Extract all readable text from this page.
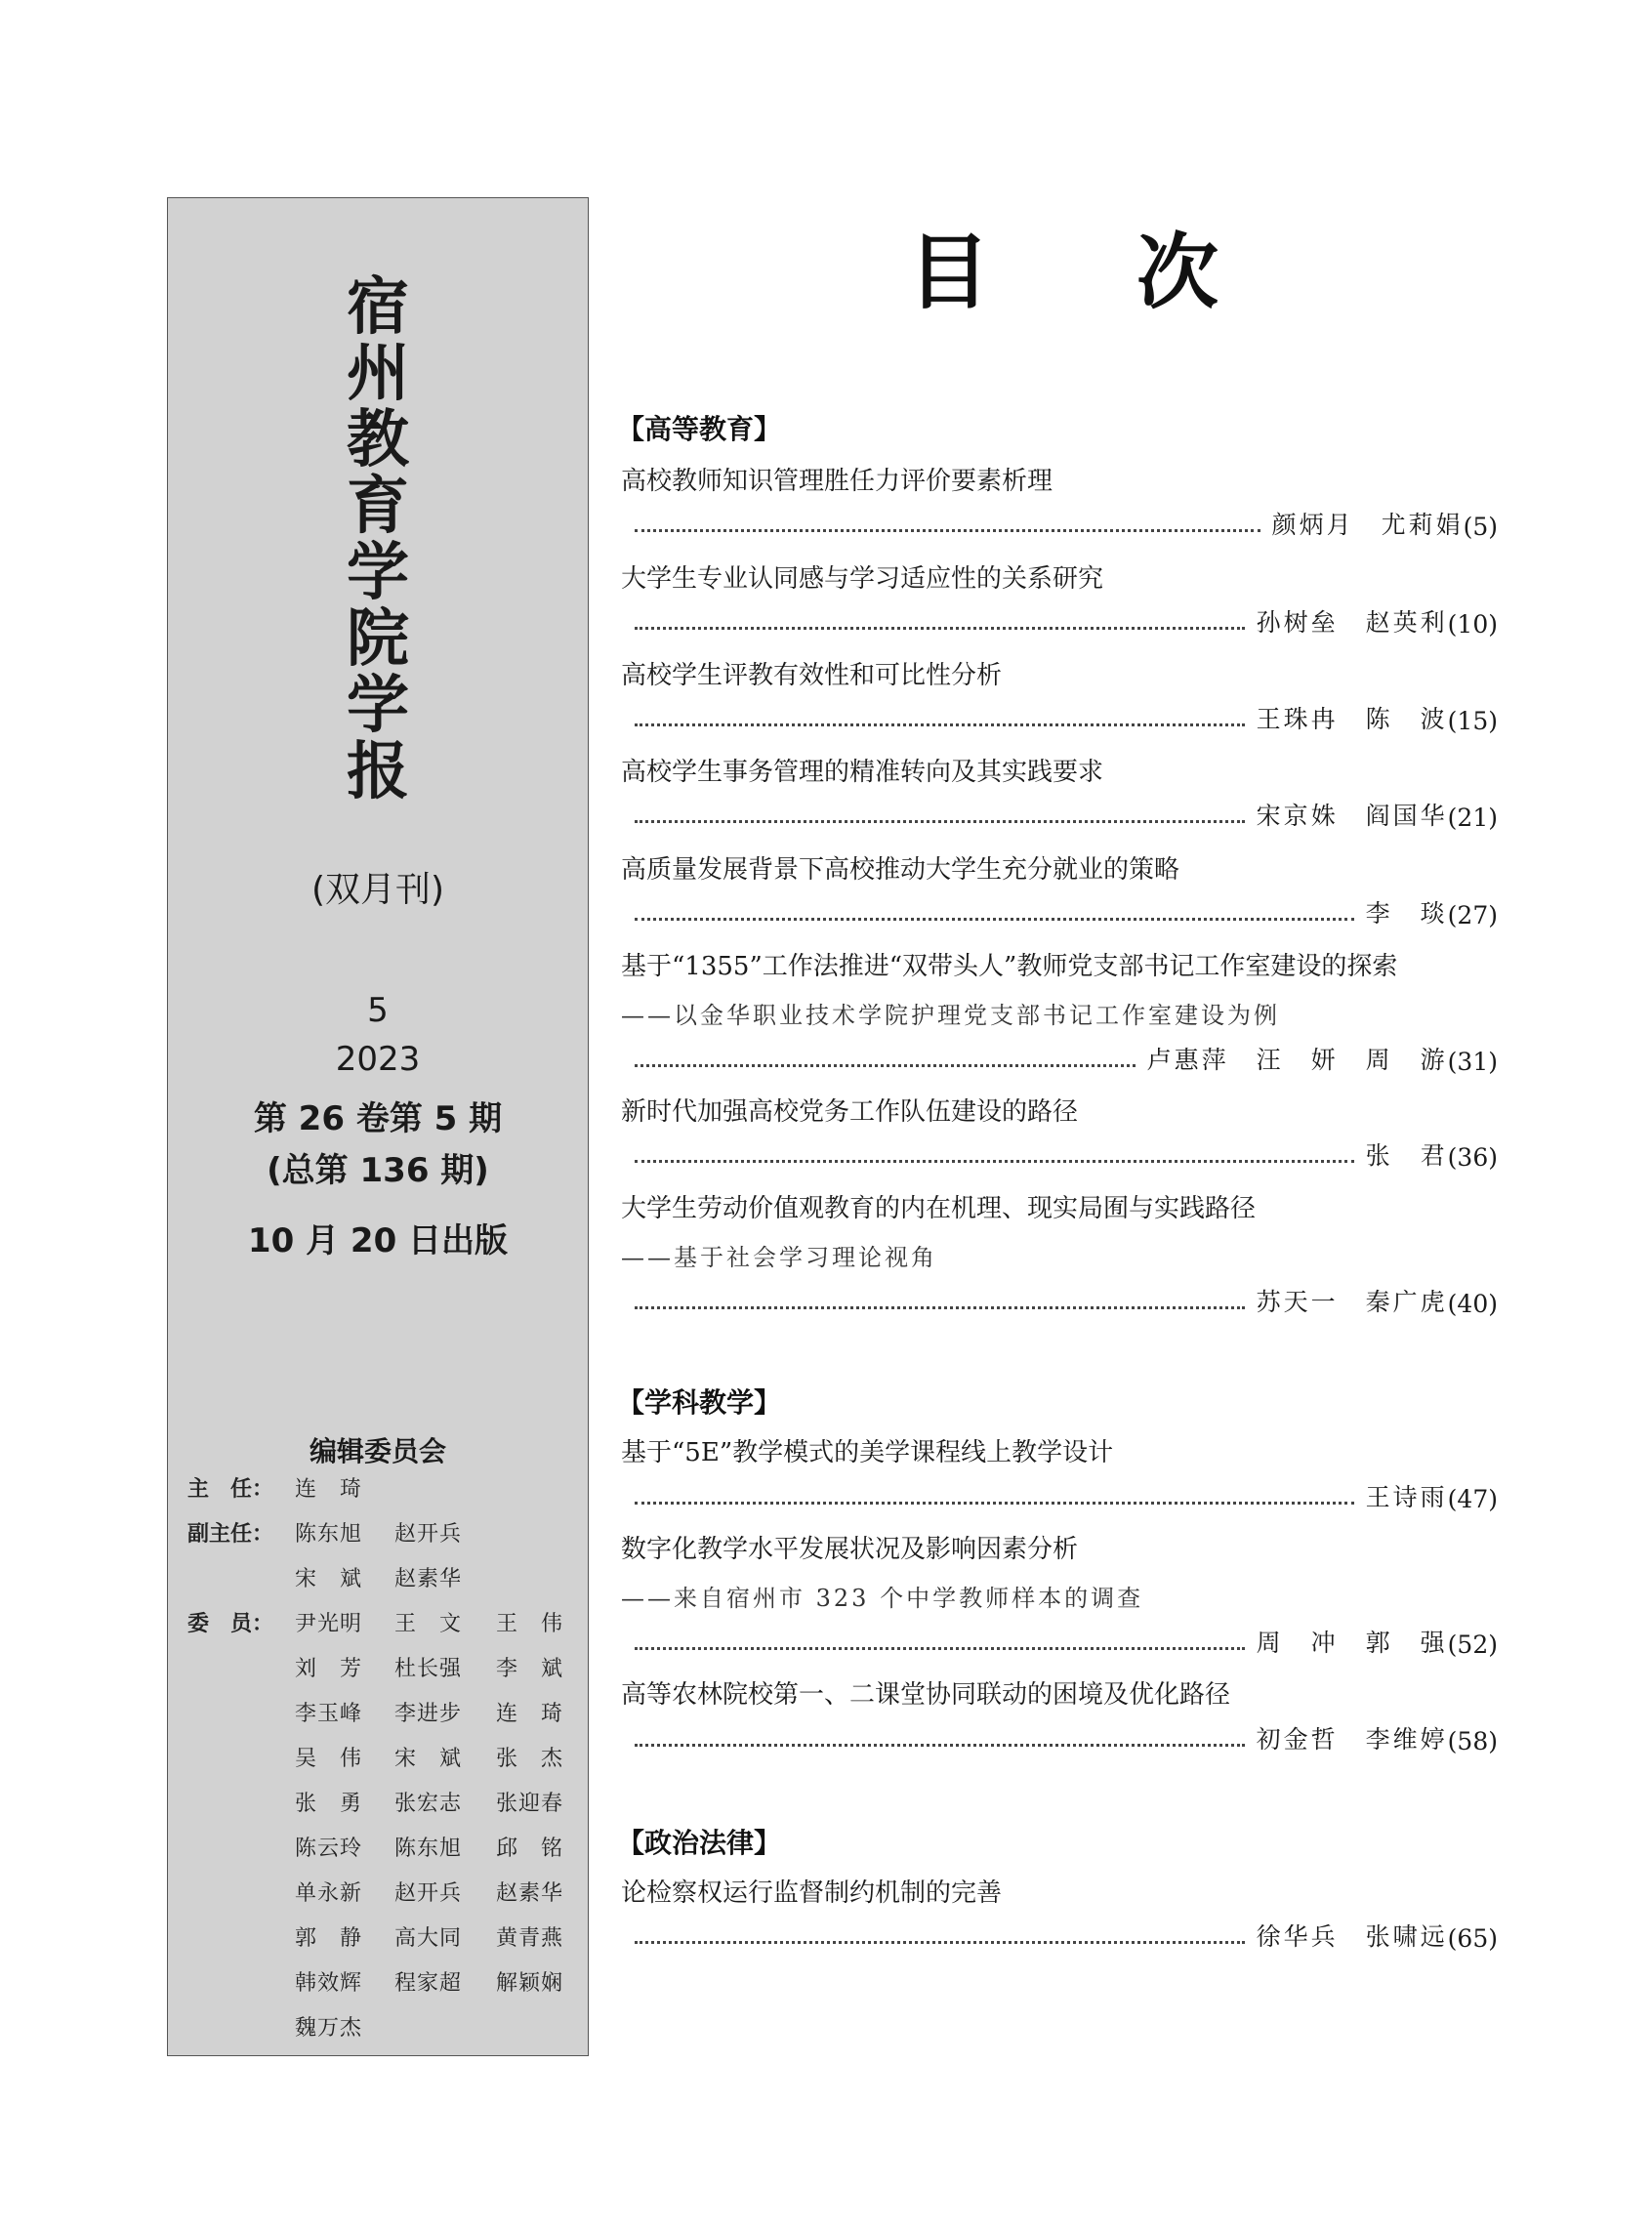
宿
州
教
育
学
院
学
报
(双月刊)
5
2023
第 26 卷第 5 期
(总第 136 期)
10 月 20 日出版
编辑委员会
主　任： 连　琦
副主任： 陈东旭	赵开兵
宋　斌	赵素华
委　员： 尹光明	王　文	王　伟
刘　芳	杜长强	李　斌
李玉峰	李进步	连　琦
吴　伟	宋　斌	张　杰
张　勇	张宏志	张迎春
陈云玲	陈东旭	邱　铭
单永新	赵开兵	赵素华
郭　静	高大同	黄青燕
韩效辉	程家超	解颖娴
魏万杰
目次
【高等教育】
高校教师知识管理胜任力评价要素析理
颜炳月　尤莉娟 (5)
大学生专业认同感与学习适应性的关系研究
孙树垒　赵英利 (10)
高校学生评教有效性和可比性分析
王珠冉　陈　波 (15)
高校学生事务管理的精准转向及其实践要求
宋京姝　阎国华 (21)
高质量发展背景下高校推动大学生充分就业的策略
李　琰 (27)
基于“1355”工作法推进“双带头人”教师党支部书记工作室建设的探索
——以金华职业技术学院护理党支部书记工作室建设为例
卢惠萍　汪　妍　周　游 (31)
新时代加强高校党务工作队伍建设的路径
张　君 (36)
大学生劳动价值观教育的内在机理、现实局囿与实践路径
——基于社会学习理论视角
苏天一　秦广虎 (40)
【学科教学】
基于“5E”教学模式的美学课程线上教学设计
王诗雨 (47)
数字化教学水平发展状况及影响因素分析
——来自宿州市 323 个中学教师样本的调查
周　冲　郭　强 (52)
高等农林院校第一、二课堂协同联动的困境及优化路径
初金哲　李维婷 (58)
【政治法律】
论检察权运行监督制约机制的完善
徐华兵　张啸远 (65)
